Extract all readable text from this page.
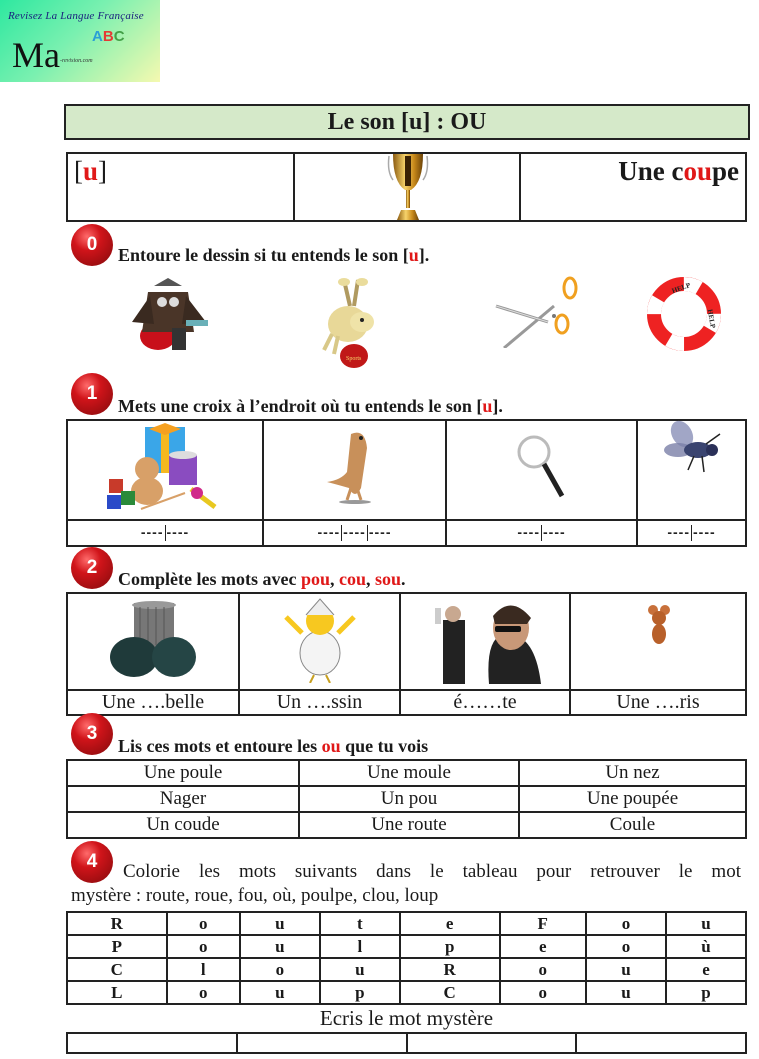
Revisez La Langue Française
Ma -revision.com
ABC
Le son [u] : OU
[u]	Une coupe
0	Entoure le dessin si tu entends le son [u].
Sports
HELP
HELP
1
Mets une croix à l’endroit où tu entends le son [u].

---- ----	---- ---- ----	---- ----	---- ----
2
Complète les mots avec pou, cou, sou.

Une ….belle	Un ….ssin	é……te	Une ….ris
3
Lis ces mots et entoure les ou que tu vois
Une poule	Une moule	Un nez
Nager	Un pou	Une poupée
Un coude	Une route	Coule
4	Colorie les mots suivants dans le tableau pour retrouver le mot
mystère : route, roue, fou, où, poulpe, clou, loup
R	o	u	t	e	F	o	u
P	o	u	l	p	e	o	ù
C	l	o	u	R	o	u	e
L	o	u	p	C	o	u	p
Ecris le mot mystère
